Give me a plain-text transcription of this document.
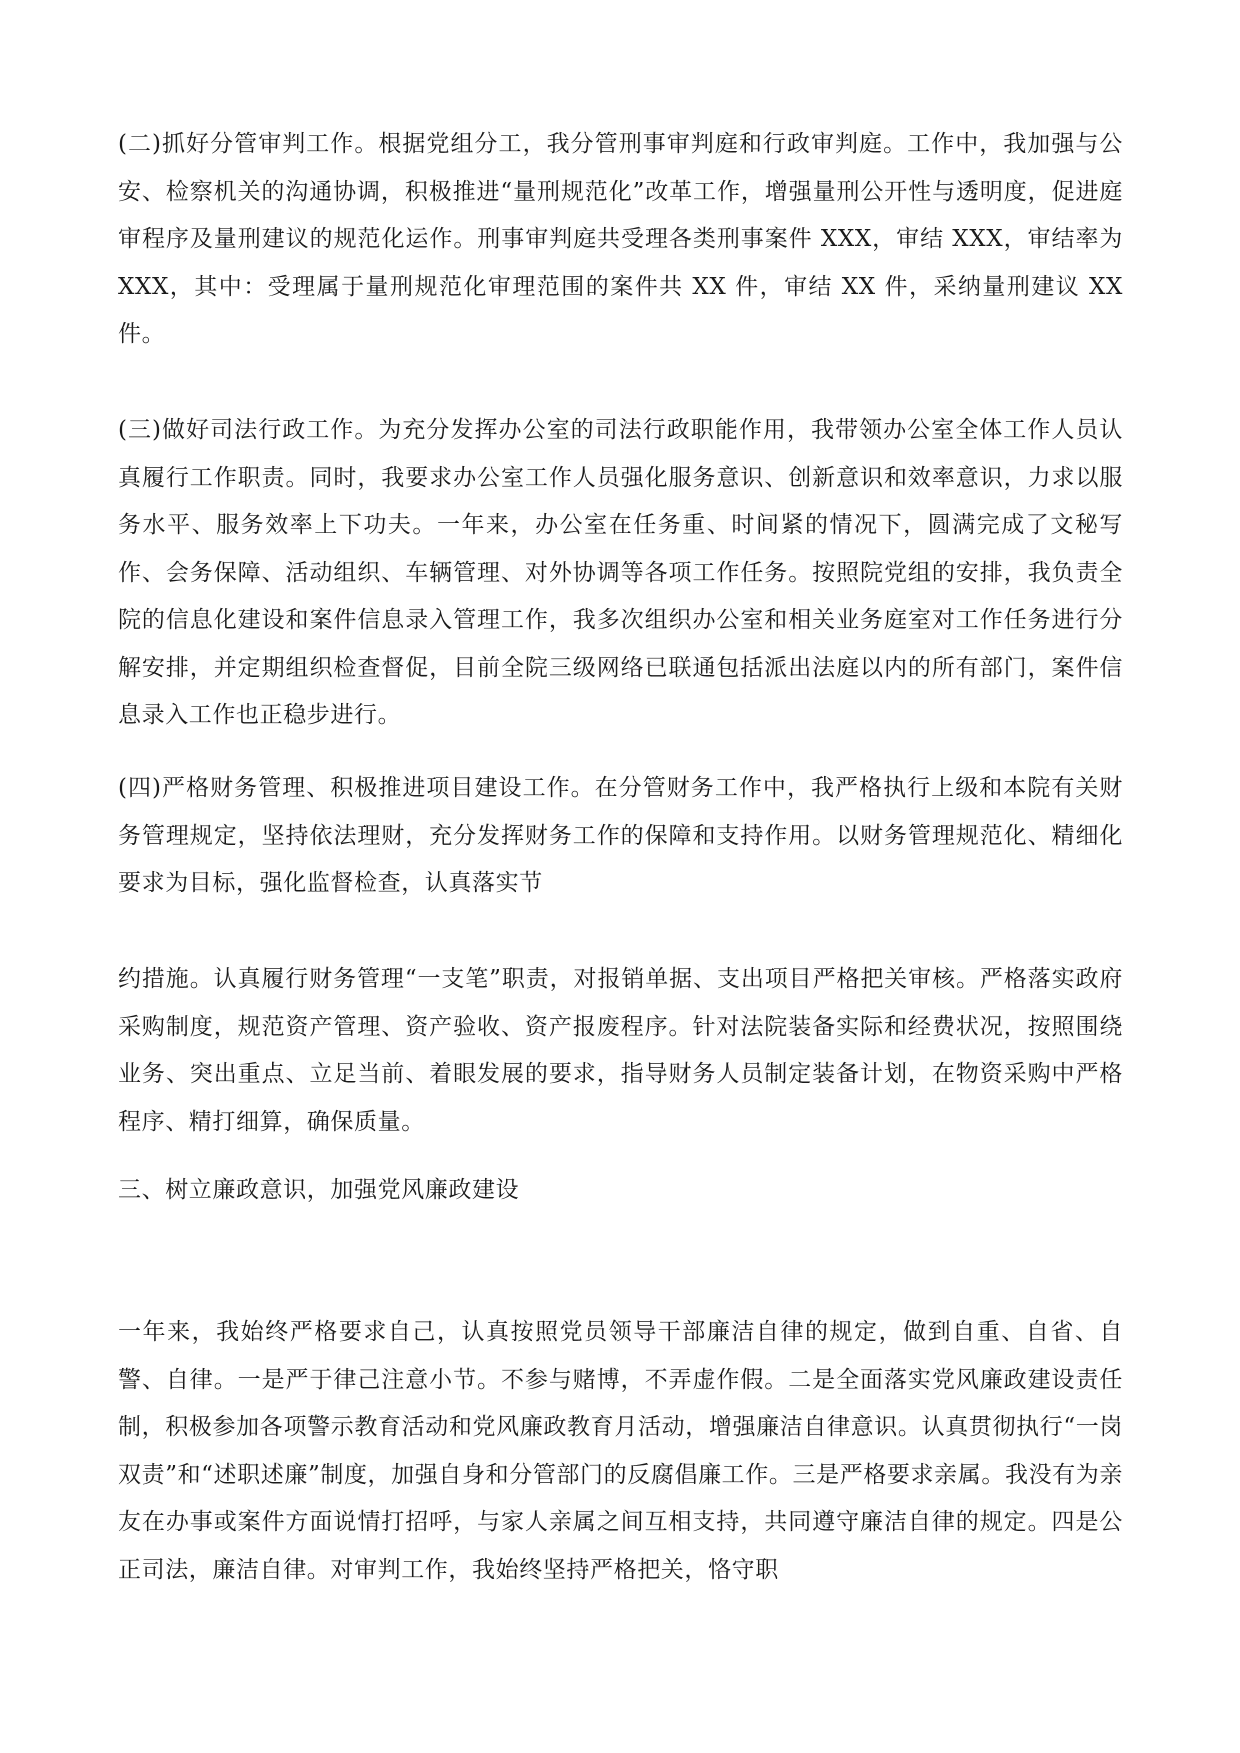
(二)抓好分管审判工作。根据党组分工，我分管刑事审判庭和行政审判庭。工作中，我加强与公安、检察机关的沟通协调，积极推进“量刑规范化”改革工作，增强量刑公开性与透明度，促进庭审程序及量刑建议的规范化运作。刑事审判庭共受理各类刑事案件 XXX，审结 XXX，审结率为 XXX，其中：受理属于量刑规范化审理范围的案件共 XX 件，审结 XX 件，采纳量刑建议 XX 件。

(三)做好司法行政工作。为充分发挥办公室的司法行政职能作用，我带领办公室全体工作人员认真履行工作职责。同时，我要求办公室工作人员强化服务意识、创新意识和效率意识，力求以服务水平、服务效率上下功夫。一年来，办公室在任务重、时间紧的情况下，圆满完成了文秘写作、会务保障、活动组织、车辆管理、对外协调等各项工作任务。按照院党组的安排，我负责全院的信息化建设和案件信息录入管理工作，我多次组织办公室和相关业务庭室对工作任务进行分解安排，并定期组织检查督促，目前全院三级网络已联通包括派出法庭以内的所有部门，案件信息录入工作也正稳步进行。

(四)严格财务管理、积极推进项目建设工作。在分管财务工作中，我严格执行上级和本院有关财务管理规定，坚持依法理财，充分发挥财务工作的保障和支持作用。以财务管理规范化、精细化要求为目标，强化监督检查，认真落实节

约措施。认真履行财务管理“一支笔”职责，对报销单据、支出项目严格把关审核。严格落实政府采购制度，规范资产管理、资产验收、资产报废程序。针对法院装备实际和经费状况，按照围绕业务、突出重点、立足当前、着眼发展的要求，指导财务人员制定装备计划，在物资采购中严格程序、精打细算，确保质量。

三、树立廉政意识，加强党风廉政建设

一年来，我始终严格要求自己，认真按照党员领导干部廉洁自律的规定，做到自重、自省、自警、自律。一是严于律己注意小节。不参与赌博，不弄虚作假。二是全面落实党风廉政建设责任制，积极参加各项警示教育活动和党风廉政教育月活动，增强廉洁自律意识。认真贯彻执行“一岗双责”和“述职述廉”制度，加强自身和分管部门的反腐倡廉工作。三是严格要求亲属。我没有为亲友在办事或案件方面说情打招呼，与家人亲属之间互相支持，共同遵守廉洁自律的规定。四是公正司法，廉洁自律。对审判工作，我始终坚持严格把关，恪守职
